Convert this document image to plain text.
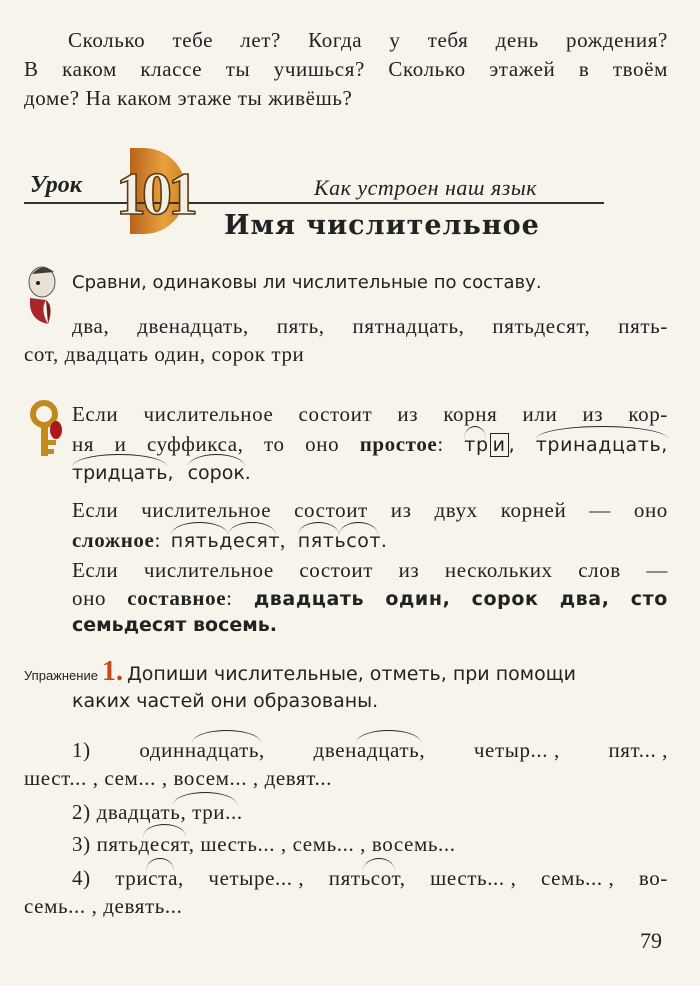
Сколько тебе лет? Когда у тебя день рождения?
В каком классе ты учишься? Сколько этажей в твоём
доме? На каком этаже ты живёшь?
Урок 101	Как устроен наш язык
Имя числительное
Сравни, одинаковы ли числительные по составу.
два, двенадцать, пять, пятнадцать, пятьдесят, пять-
сот, двадцать один, сорок три
Если числительное состоит из корня или из кор-
ня и суффикса, то оно простое: тр и , тринадцать,
тридцать,
сорок.
Если числительное состоит из двух корней — оно
сложное:
пятьдесят,
пятьсот.
Если числительное состоит из нескольких слов —
оно составное: двадцать один, сорок два, сто
семьдесят восемь.
Упражнение 1. Допиши числительные, отметь, при помощи
каких частей они образованы.
1) одиннадцать, двенадцать, четыр... , пят... ,
шест... , сем... , восем... , девят...
2) двадцать, три...
3) пятьдесят, шесть... , семь... , восемь...
4) триста, четыре... , пятьсот, шесть... , семь... , во-
семь... , девять...
79
